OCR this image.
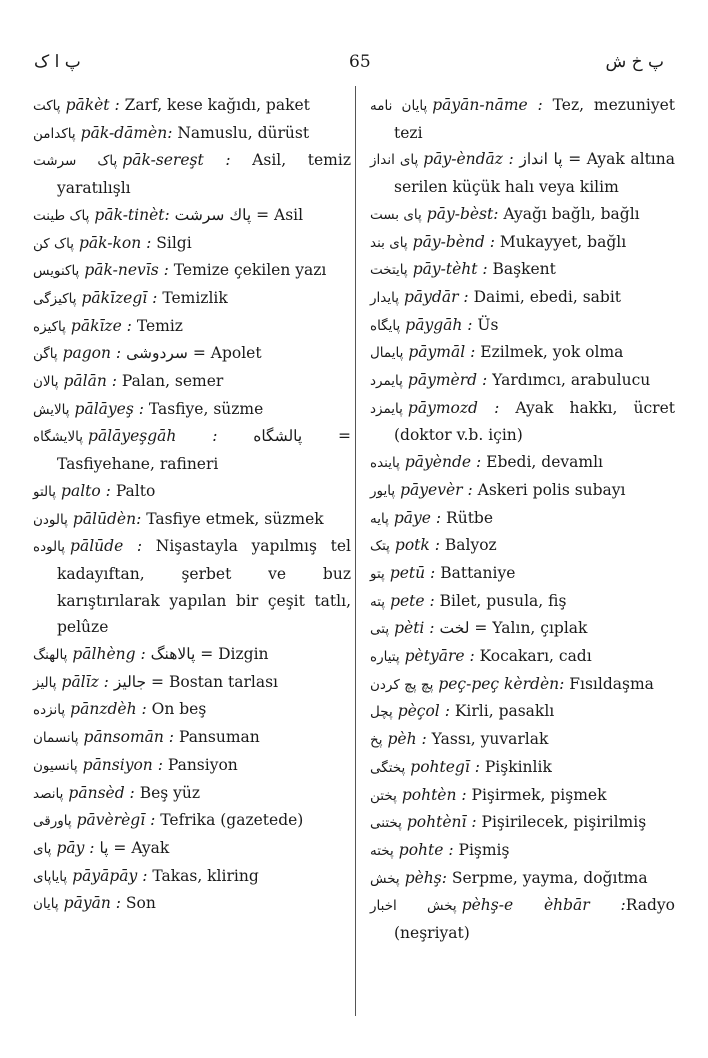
پ ا ک	65	پ خ ش
پاکت pākèt : Zarf, kese kağıdı, paket
پاکدامن pāk-dāmèn: Namuslu, dürüst
پاک سرشت pāk-sereşt : Asil, temiz yaratılışlı
پاک طینت pāk-tinèt: پاك سرشت = Asil
پاک کن pāk-kon : Silgi
پاکنویس pāk-nevīs : Temize çekilen yazı
پاکیزگی pākīzegī : Temizlik
پاکیزه pākīze : Temiz
پاگن pagon : سردوشی = Apolet
پالان pālān : Palan, semer
پالایش pālāyeş : Tasfiye, süzme
پالایشگاه pālāyeşgāh : پالشگاه = Tasfiyehane, rafineri
پالتو palto : Palto
پالودن pālūdèn: Tasfiye etmek, süzmek
پالوده pālūde : Nişastayla yapılmış tel kadayıftan, şerbet ve buz karıştırılarak yapılan bir çeşit tatlı, pelûze
پالهنگ pālhèng : پالاهنگ = Dizgin
پالیز pālīz : جالیز = Bostan tarlası
پانزده pānzdèh : On beş
پانسمان pānsomān : Pansuman
پانسیون pānsiyon : Pansiyon
پانصد pānsèd : Beş yüz
پاورقی pāvèrègī : Tefrika (gazetede)
پای pāy : پا = Ayak
پایاپای pāyāpāy : Takas, kliring
پایان pāyān : Son
پایان نامه pāyān-nāme : Tez, mezuniyet tezi
پای انداز pāy-èndāz : پا انداز = Ayak altına serilen küçük halı veya kilim
پای بست pāy-bèst: Ayağı bağlı, bağlı
پای بند pāy-bènd : Mukayyet, bağlı
پایتخت pāy-tèht : Başkent
پایدار pāydār : Daimi, ebedi, sabit
پایگاه pāygāh : Üs
پایمال pāymāl : Ezilmek, yok olma
پایمرد pāymèrd : Yardımcı, arabulucu
پایمزد pāymozd : Ayak hakkı, ücret (doktor v.b. için)
پاینده pāyènde : Ebedi, devamlı
پایور pāyevèr : Askeri polis subayı
پایه pāye : Rütbe
پتک potk : Balyoz
پتو petū : Battaniye
پته pete : Bilet, pusula, fiş
پتی pèti : لخت = Yalın, çıplak
پتیاره pètyāre : Kocakarı, cadı
پچ پچ کردن peç-peç kèrdèn: Fısıldaşma
پچل pèçol : Kirli, pasaklı
پخ pèh : Yassı, yuvarlak
پختگی pohtegī : Pişkinlik
پختن pohtèn : Pişirmek, pişmek
پختنی pohtènī : Pişirilecek, pişirilmiş
پخته pohte : Pişmiş
پخش pèhş: Serpme, yayma, doğıtma
پخش اخبار pèhş-e èhbār :Radyo (neşriyat)
